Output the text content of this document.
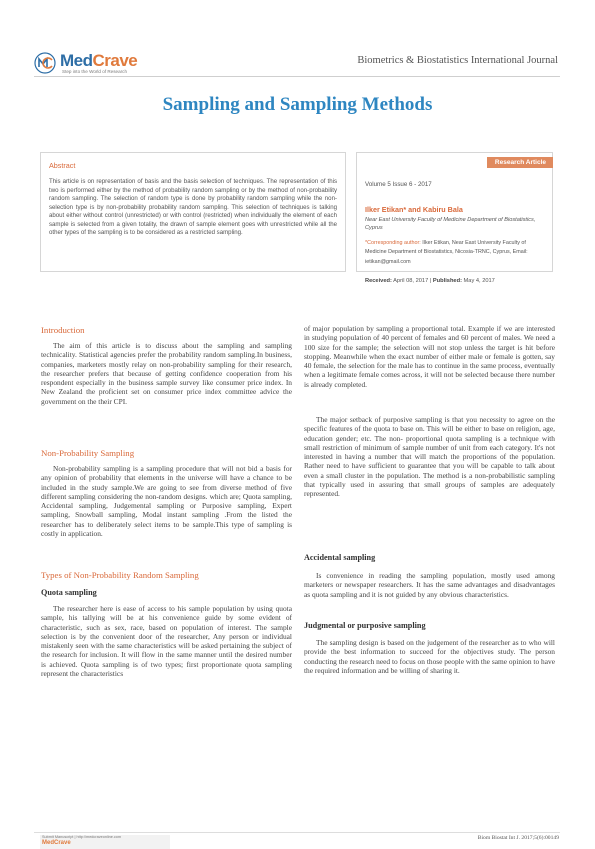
MedCrave
Step into the World of Research
Biometrics & Biostatistics International Journal
Sampling and Sampling Methods
Abstract
This article is on representation of basis and the basis selection of techniques. The representation of this two is performed either by the method of probability random sampling or by the method of non-probability random sampling. The selection of random type is done by probability random sampling while the non-selection type is by non-probability probability random sampling. This selection of techniques is talking about either without control (unrestricted) or with control (restricted) when individually the element of each sample is selected from a given totality, the drawn of sample element goes with unrestricted while all the other types of the sampling is to be considered as a restricted sampling.
Research Article
Volume 5 Issue 6 - 2017
Ilker Etikan* and Kabiru Bala
Near East University Faculty of Medicine Department of Biostatistics, Cyprus
*Corresponding author: Ilker Etikan, Near East University Faculty of Medicine Department of Biostatistics, Nicosia-TRNC, Cyprus, Email: ietikan@gmail.com
Received: April 08, 2017 | Published: May 4, 2017
Introduction

The aim of this article is to discuss about the sampling and sampling technicality. Statistical agencies prefer the probability random sampling.In business, companies, marketers mostly relay on non-probability sampling for their research, the researcher prefers that because of getting confidence cooperation from his respondent especially in the business sample survey like consumer price index. In New Zealand the proficient set on consumer price index committee advice the government on the their CPI.

Non-Probability Sampling

Non-probability sampling is a sampling procedure that will not bid a basis for any opinion of probability that elements in the universe will have a chance to be included in the study sample.We are going to see from diverse method of five different sampling considering the non-random designs. which are; Quota sampling, Accidental sampling, Judgemental sampling or Purposive sampling, Expert sampling, Snowball sampling, Modal instant sampling .From the listed the researcher has to deliberately select items to be sample.This type of sampling is costly in application.

Types of Non-Probability Random Sampling
Quota sampling

The researcher here is ease of access to his sample population by using quota sample, his tallying will be at his convenience guide by some evident of characteristic, such as sex, race, based on population of interest. The sample selection is by the convenient door of the researcher, Any person or individual mistakenly seen with the same characteristics will be asked pertaining the subject of the research for inclusion. It will flow in the same manner until the desired number is achieved. Quota sampling is of two types; first proportionate quota sampling represent the characteristics

of major population by sampling a proportional total. Example if we are interested in studying population of 40 percent of females and 60 percent of males. We need a 100 size for the sample; the selection will not stop unless the target is hit before stopping. Meanwhile when the exact number of either male or female is gotten, say 40 female, the selection for the male has to continue in the same process, eventually when a legitimate female comes across, it will not be selected because there number is already completed.

The major setback of purposive sampling is that you necessity to agree on the specific features of the quota to base on. This will be either to base on religion, age, education gender; etc. The non- proportional quota sampling is a technique with small restriction of minimum of sample number of unit from each category. It's not interested in having a number that will match the proportions of the population. Rather need to have sufficient to guarantee that you will be capable to talk about even a small cluster in the population. The method is a non-probabilistic sampling that typically used in assuring that small groups of samples are adequately represented.

Accidental sampling

Is convenience in reading the sampling population, mostly used among marketers or newspaper researchers. It has the same advantages and disadvantages as quota sampling and it is not guided by any obvious characteristics.

Judgmental or purposive sampling

The sampling design is based on the judgement of the researcher as to who will provide the best information to succeed for the objectives study. The person conducting the research need to focus on those people with the same opinion to have the required information and be willing of sharing it.

Submit Manuscript | http://medcraveonline.com
MedCrave
Biom Biostat Int J. 2017;5(6):00149
